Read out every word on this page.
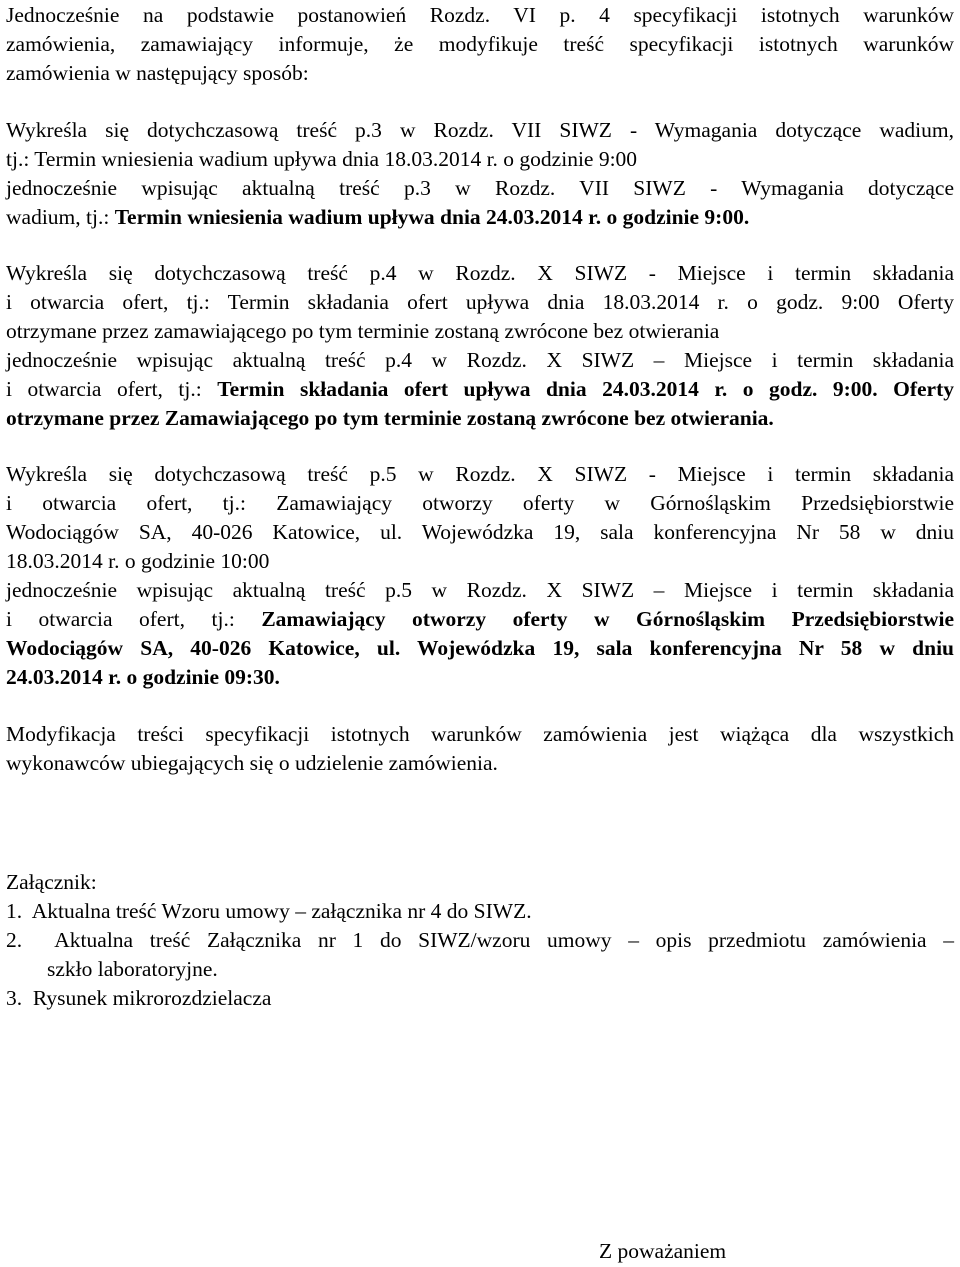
Jednocześnie na podstawie postanowień Rozdz. VI p. 4 specyfikacji istotnych warunków
zamówienia, zamawiający informuje, że modyfikuje treść specyfikacji istotnych warunków
zamówienia w następujący sposób:
Wykreśla się dotychczasową treść p.3 w Rozdz. VII SIWZ - Wymagania dotyczące wadium,
tj.: Termin wniesienia wadium upływa dnia 18.03.2014 r. o godzinie 9:00
jednocześnie wpisując aktualną treść p.3 w Rozdz. VII SIWZ - Wymagania dotyczące
wadium, tj.: Termin wniesienia wadium upływa dnia 24.03.2014 r. o godzinie 9:00.
Wykreśla się dotychczasową treść p.4 w Rozdz. X SIWZ - Miejsce i termin składania
i otwarcia ofert, tj.: Termin składania ofert upływa dnia 18.03.2014 r. o godz. 9:00 Oferty
otrzymane przez zamawiającego po tym terminie zostaną zwrócone bez otwierania
jednocześnie wpisując aktualną treść p.4 w Rozdz. X SIWZ – Miejsce i termin składania
i otwarcia ofert, tj.: Termin składania ofert upływa dnia 24.03.2014 r. o godz. 9:00. Oferty
otrzymane przez Zamawiającego po tym terminie zostaną zwrócone bez otwierania.
Wykreśla się dotychczasową treść p.5 w Rozdz. X SIWZ - Miejsce i termin składania
i otwarcia ofert, tj.: Zamawiający otworzy oferty w Górnośląskim Przedsiębiorstwie
Wodociągów SA, 40-026 Katowice, ul. Wojewódzka 19, sala konferencyjna Nr 58 w dniu
18.03.2014 r. o godzinie 10:00
jednocześnie wpisując aktualną treść p.5 w Rozdz. X SIWZ – Miejsce i termin składania
i otwarcia ofert, tj.: Zamawiający otworzy oferty w Górnośląskim Przedsiębiorstwie
Wodociągów SA, 40-026 Katowice, ul. Wojewódzka 19, sala konferencyjna Nr 58 w dniu
24.03.2014 r. o godzinie 09:30.
Modyfikacja treści specyfikacji istotnych warunków zamówienia jest wiążąca dla wszystkich
wykonawców ubiegających się o udzielenie zamówienia.
Załącznik:
1.  Aktualna treść Wzoru umowy – załącznika nr 4 do SIWZ.
2.  Aktualna treść Załącznika nr 1 do SIWZ/wzoru umowy – opis przedmiotu zamówienia –
szkło laboratoryjne.
3.  Rysunek mikrorozdzielacza
Z poważaniem
